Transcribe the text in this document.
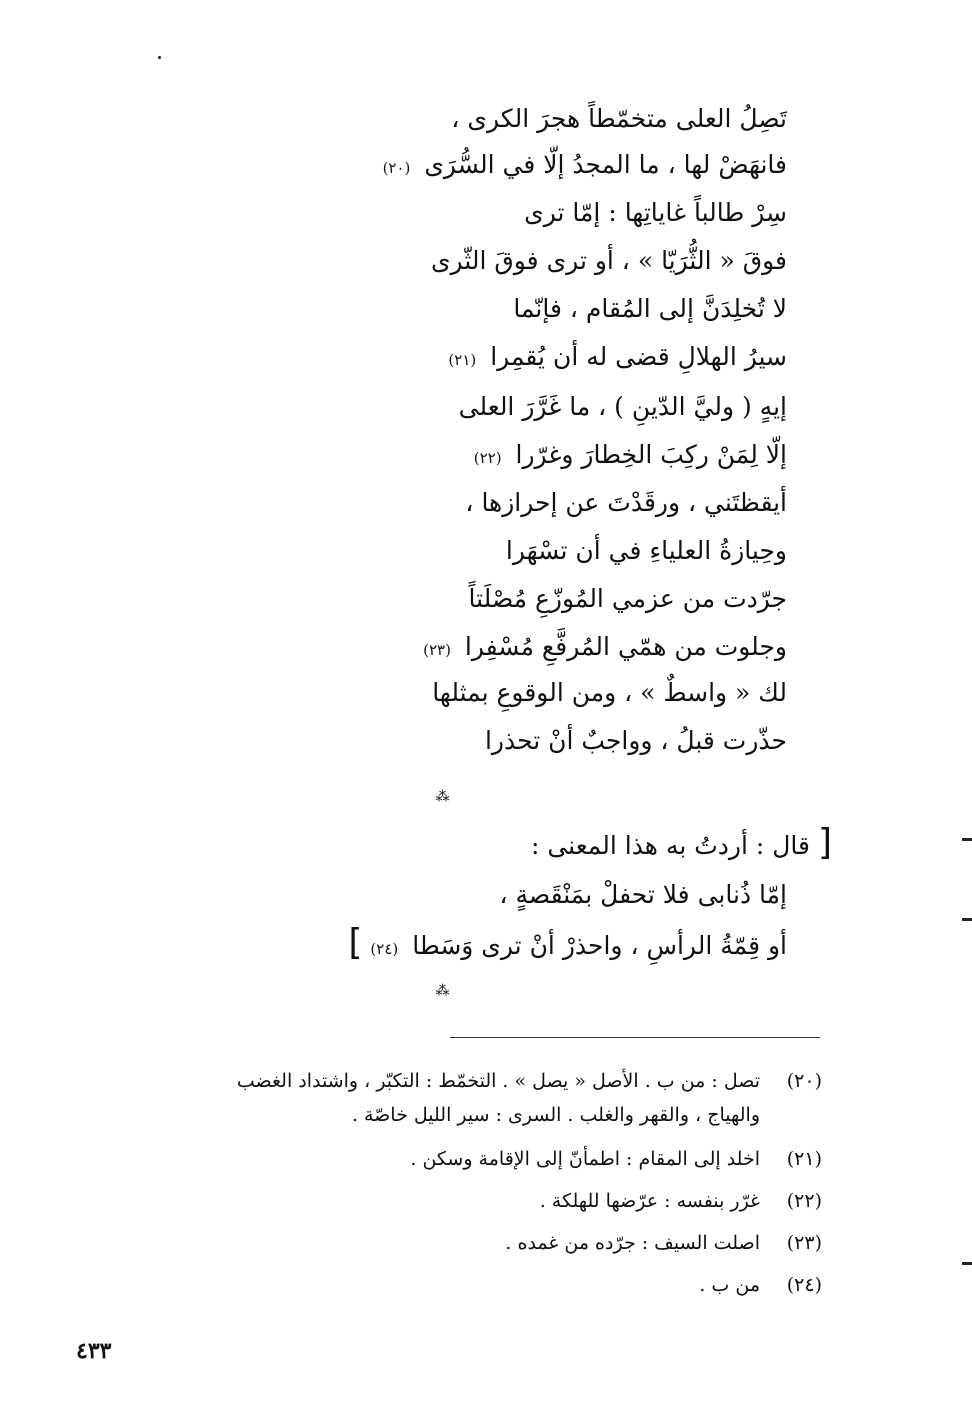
تَصِلُ العلى متخمّطاً هجرَ الكرى ،
فانهَضْ لها ، ما المجدُ إلّا في السُّرَى (٢٠)
سِرْ طالباً غاياتِها : إمّا ترى
فوقَ « الثُّرَيّا » ، أو ترى فوقَ الثّرى
لا تُخلِدَنَّ إلى المُقام ، فإنّما
سيرُ الهلالِ قضى له أن يُقمِرا (٢١)
إيهٍ ( وليَّ الدّينِ ) ، ما غَرَّرَ العلى
إلّا لِمَنْ ركِبَ الخِطارَ وغرّرا (٢٢)
أيقظتَني ، ورقَدْتَ عن إحرازها ،
وحِيازةُ العلياءِ في أن تسْهَرا
جرّدت من عزمي المُوزّعِ مُصْلَتاً
وجلوت من همّي المُرفَّعِ مُسْفِرا (٢٣)
لك « واسطٌ » ، ومن الوقوعِ بمثلها
حذّرت قبلُ ، وواجبٌ أنْ تحذرا
⁂
[ قال : أردتُ به هذا المعنى :
إمّا ذُنابى فلا تحفلْ بمَنْقَصةٍ ،
أو قِمّةُ الرأسِ ، واحذرْ أنْ ترى وَسَطا (٢٤) ]
⁂
(٢٠)
تصل : من ب . الأصل « يصل » . التخمّط : التكبّر ، واشتداد الغضب
والهياج ، والقهر والغلب . السرى : سير الليل خاصّة .
(٢١)
اخلد إلى المقام : اطمأنّ إلى الإقامة وسكن .
(٢٢)
غرّر بنفسه : عرّضها للهلكة .
(٢٣)
اصلت السيف : جرّده من غمده .
(٢٤)
من ب .
٤٣٣
